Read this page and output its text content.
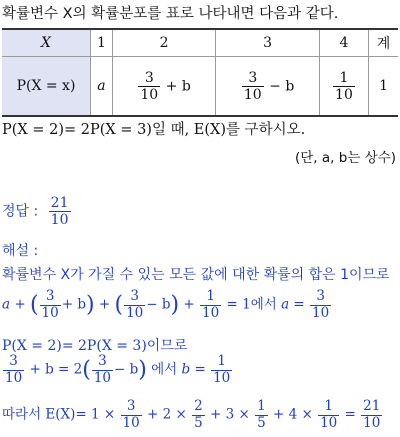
확률변수 X의 확률분포를 표로 나타내면 다음과 같다.
X	1	2	3	4	계
P(X = x)	a	$\frac{3}{10} + b$	$\frac{3}{10} - b$	$\frac{1}{10}$	1
P(X = 2)= 2P(X = 3)일 때, E(X)를 구하시오.
(단, a, b는 상수)
정답 : $\frac{21}{10}$
해설 :
확률변수 X가 가질 수 있는 모든 값에 대한 확률의 합은 1이므로
a + ( $\frac{3}{10} + b$) + ( $\frac{3}{10} - b) + \frac{1}{10} = 1$에서 $a = \frac{3}{10}$
P(X = 2)= 2P(X = 3)이므로
$\frac{3}{10} + b = 2( \frac{3}{10} - b)$ 에서 $b = \frac{1}{10}$
따라서 $E(X)= 1 \times \frac{3}{10} + 2 \times \frac{2}{5} + 3 \times \frac{1}{5} + 4 \times \frac{1}{10} = \frac{21}{10}$
